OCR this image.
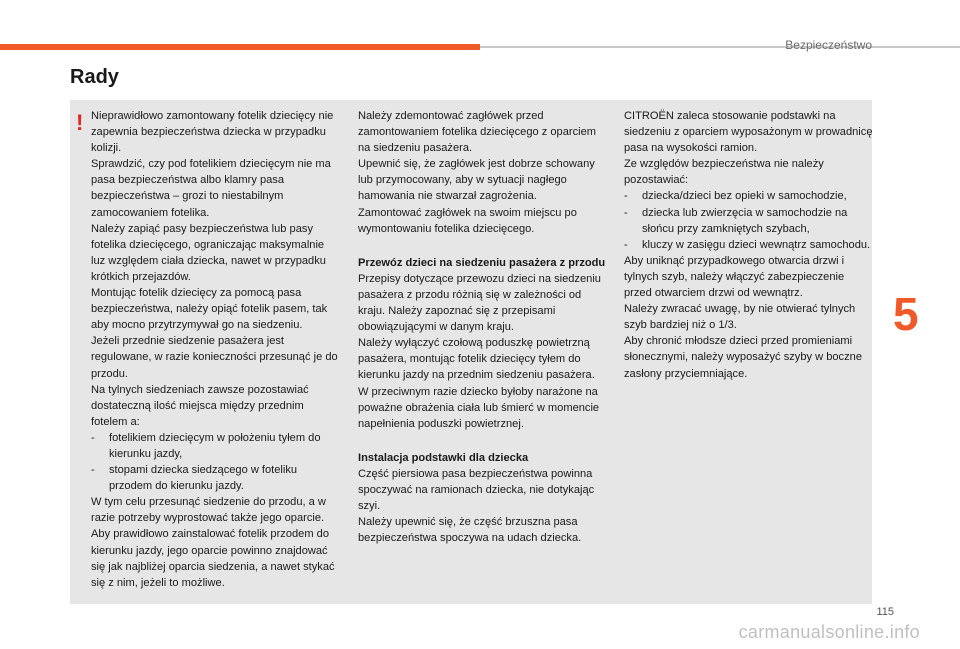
Bezpieczeństwo
Rady
! Nieprawidłowo zamontowany fotelik dziecięcy nie zapewnia bezpieczeństwa dziecka w przypadku kolizji.

Sprawdzić, czy pod fotelikiem dziecięcym nie ma pasa bezpieczeństwa albo klamry pasa bezpieczeństwa – grozi to niestabilnym zamocowaniem fotelika.

Należy zapiąć pasy bezpieczeństwa lub pasy fotelika dziecięcego, ograniczając maksymalnie luz względem ciała dziecka, nawet w przypadku krótkich przejazdów.

Montując fotelik dziecięcy za pomocą pasa bezpieczeństwa, należy opiąć fotelik pasem, tak aby mocno przytrzymywał go na siedzeniu.

Jeżeli przednie siedzenie pasażera jest regulowane, w razie konieczności przesunąć je do przodu.

Na tylnych siedzeniach zawsze pozostawiać dostateczną ilość miejsca między przednim fotelem a:

- fotelikiem dziecięcym w położeniu tyłem do kierunku jazdy,
- stopami dziecka siedzącego w foteliku przodem do kierunku jazdy.

W tym celu przesunąć siedzenie do przodu, a w razie potrzeby wyprostować także jego oparcie.

Aby prawidłowo zainstalować fotelik przodem do kierunku jazdy, jego oparcie powinno znajdować się jak najbliżej oparcia siedzenia, a nawet stykać się z nim, jeżeli to możliwe.

Należy zdemontować zagłówek przed zamontowaniem fotelika dziecięcego z oparciem na siedzeniu pasażera.

Upewnić się, że zagłówek jest dobrze schowany lub przymocowany, aby w sytuacji nagłego hamowania nie stwarzał zagrożenia.

Zamontować zagłówek na swoim miejscu po wymontowaniu fotelika dziecięcego.

Przewóz dzieci na siedzeniu pasażera z przodu

Przepisy dotyczące przewozu dzieci na siedzeniu pasażera z przodu różnią się w zależności od kraju. Należy zapoznać się z przepisami obowiązującymi w danym kraju.

Należy wyłączyć czołową poduszkę powietrzną pasażera, montując fotelik dziecięcy tyłem do kierunku jazdy na przednim siedzeniu pasażera. W przeciwnym razie dziecko byłoby narażone na poważne obrażenia ciała lub śmierć w momencie napełnienia poduszki powietrznej.

Instalacja podstawki dla dziecka

Część piersiowa pasa bezpieczeństwa powinna spoczywać na ramionach dziecka, nie dotykając szyi.

Należy upewnić się, że część brzuszna pasa bezpieczeństwa spoczywa na udach dziecka.

CITROËN zaleca stosowanie podstawki na siedzeniu z oparciem wyposażonym w prowadnicę pasa na wysokości ramion.

Ze względów bezpieczeństwa nie należy pozostawiać:

- dziecka/dzieci bez opieki w samochodzie,
- dziecka lub zwierzęcia w samochodzie na słońcu przy zamkniętych szybach,
- kluczy w zasięgu dzieci wewnątrz samochodu.

Aby uniknąć przypadkowego otwarcia drzwi i tylnych szyb, należy włączyć zabezpieczenie przed otwarciem drzwi od wewnątrz.

Należy zwracać uwagę, by nie otwierać tylnych szyb bardziej niż o 1/3.

Aby chronić młodsze dzieci przed promieniami słonecznymi, należy wyposażyć szyby w boczne zasłony przyciemniające.

5
115
carmanualsonline.info
